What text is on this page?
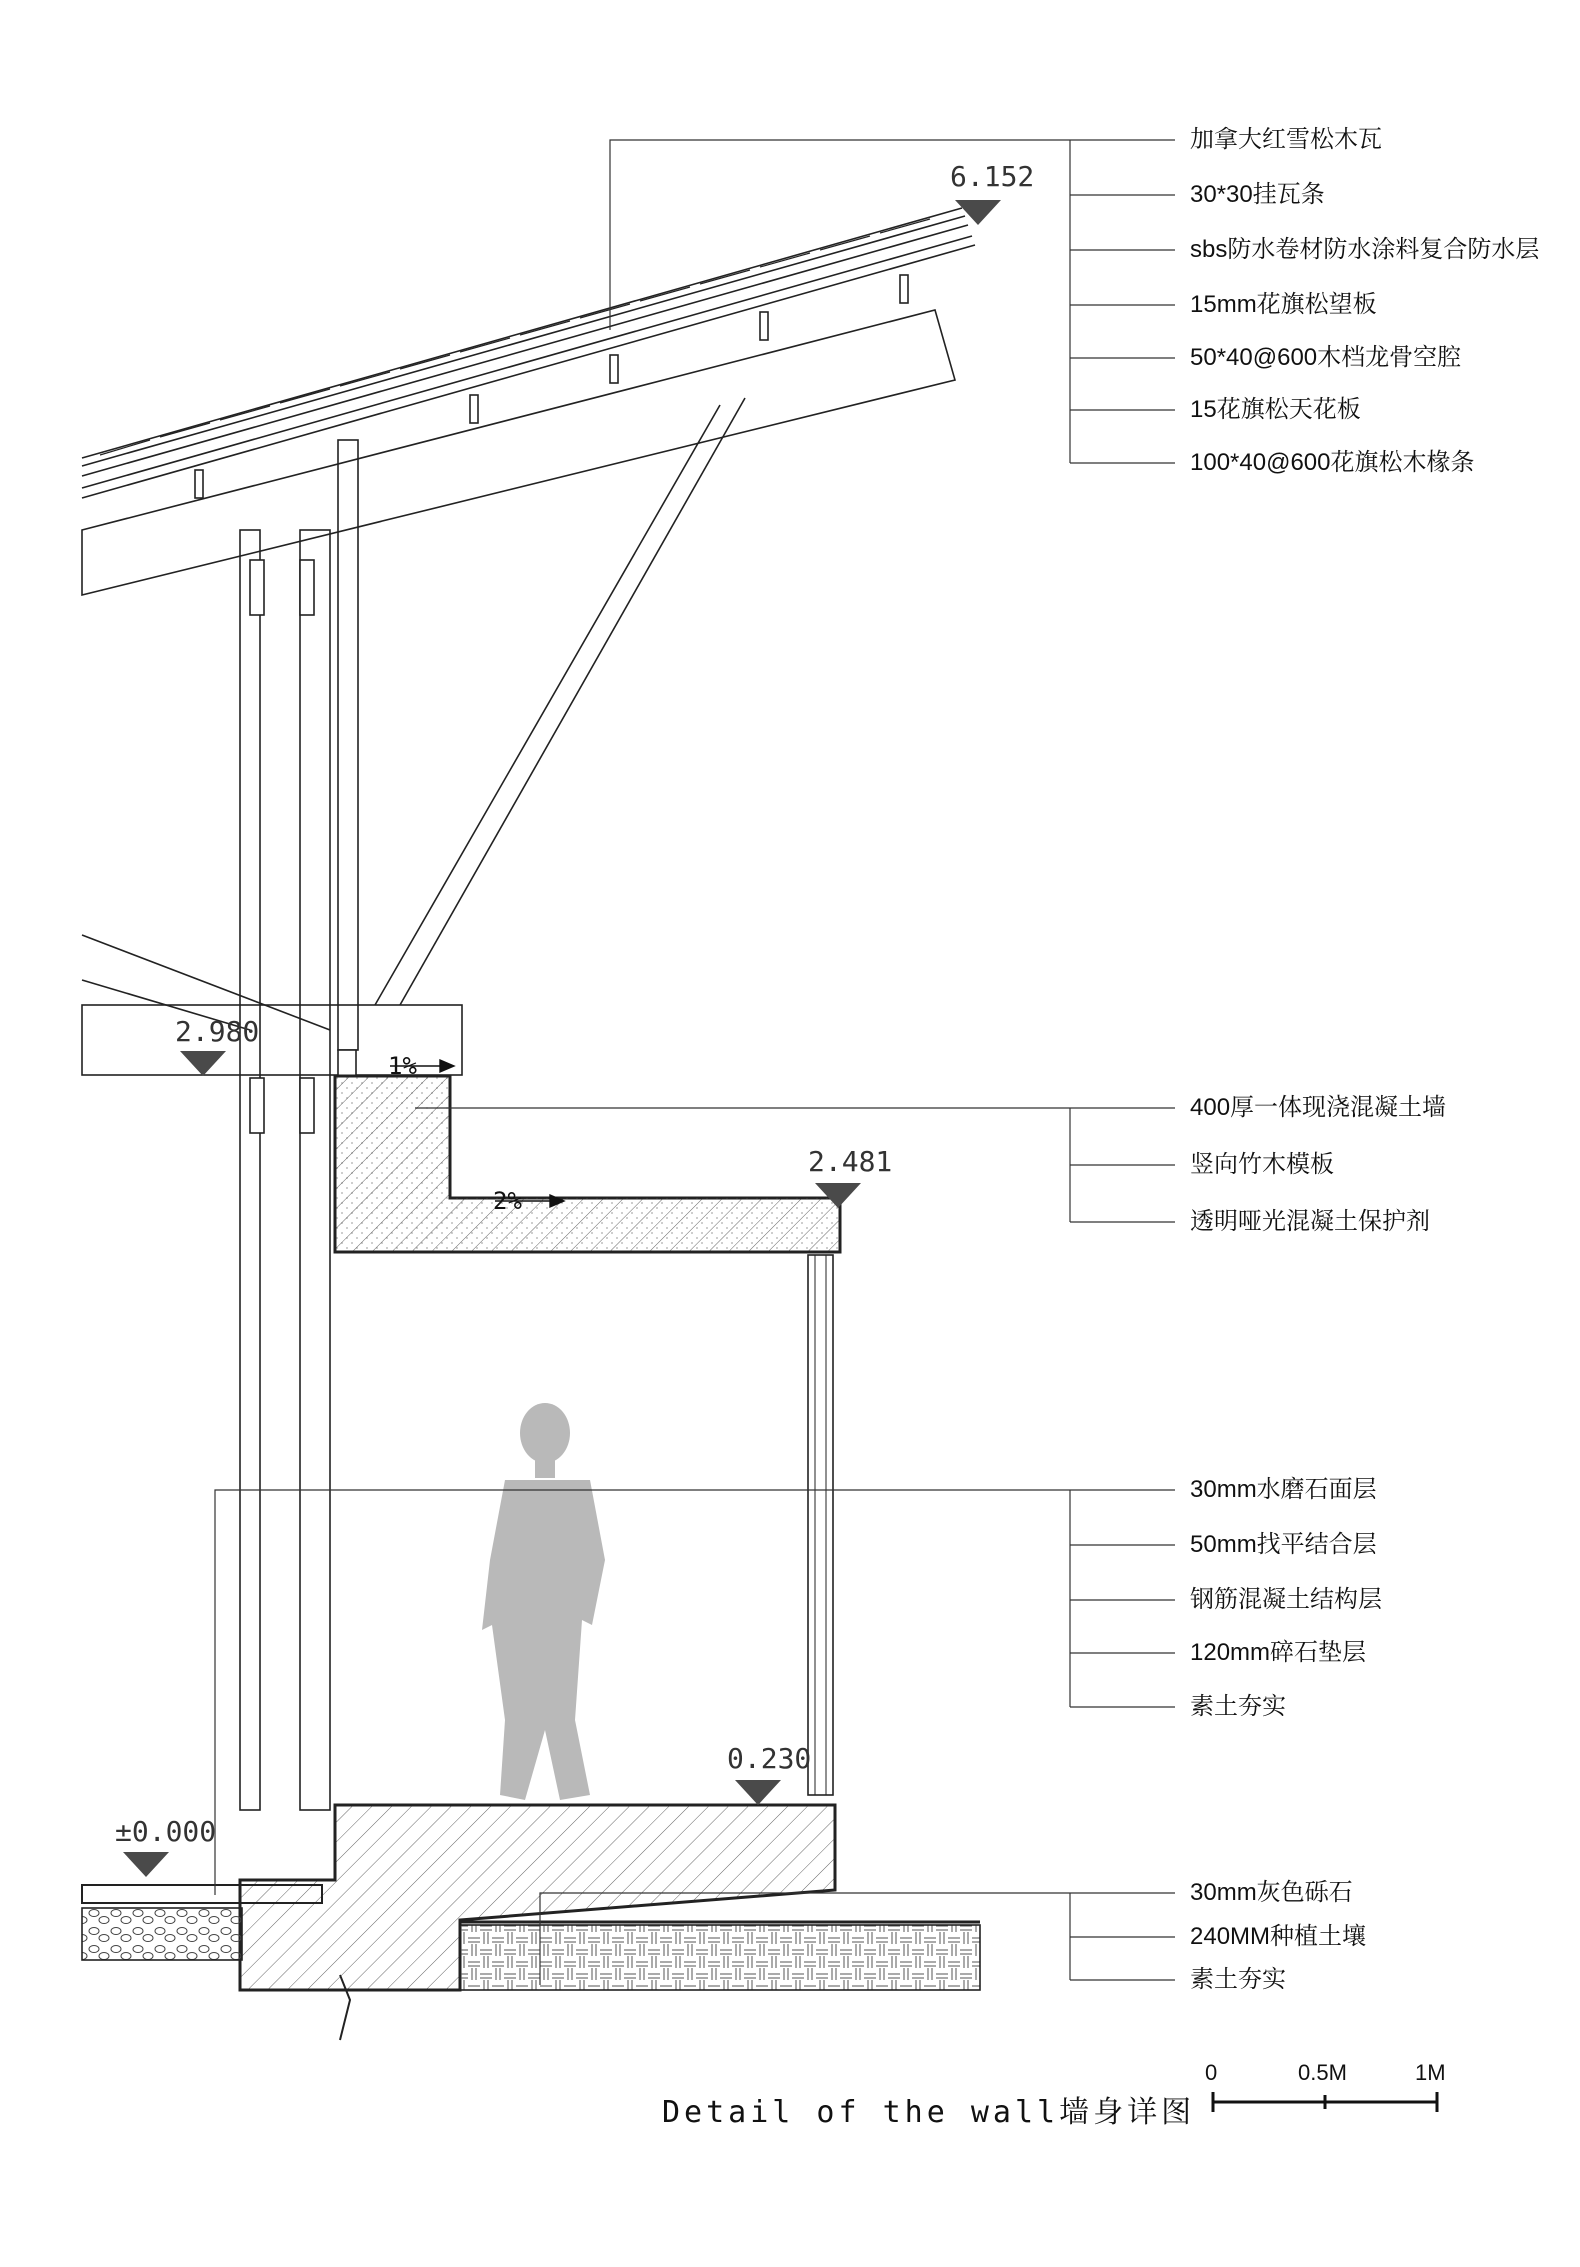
6.152
2.980
2.481
0.230
±0.000
1%
2%
加拿大红雪松木瓦
30*30挂瓦条
sbs防水卷材防水涂料复合防水层
15mm花旗松望板
50*40@600木档龙骨空腔
15花旗松天花板
100*40@600花旗松木椽条
400厚一体现浇混凝土墙
竖向竹木模板
透明哑光混凝土保护剂
30mm水磨石面层
50mm找平结合层
钢筋混凝土结构层
120mm碎石垫层
素土夯实
30mm灰色砾石
240MM种植土壤
素土夯实
Detail of the wall墙身详图
0	0.5M	1M
